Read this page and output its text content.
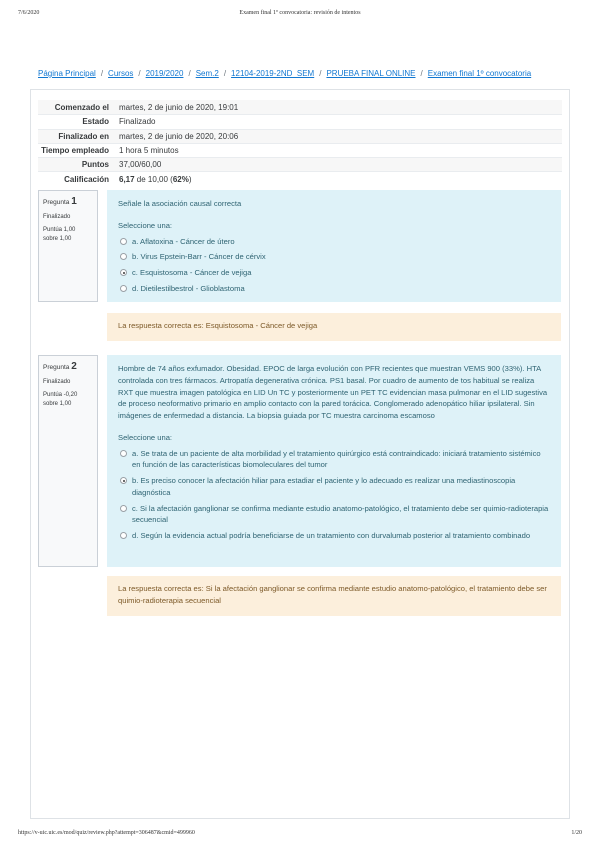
7/6/2020	Examen final 1º convocatoria: revisión de intentos
Página Principal / Cursos / 2019/2020 / Sem.2 / 12104-2019-2ND_SEM / PRUEBA FINAL ONLINE / Examen final 1º convocatoria
Comenzado el	martes, 2 de junio de 2020, 19:01
Estado	Finalizado
Finalizado en	martes, 2 de junio de 2020, 20:06
Tiempo empleado	1 hora 5 minutos
Puntos	37,00/60,00
Calificación	6,17 de 10,00 (62%)
Pregunta 1
Finalizado
Puntúa 1,00
sobre 1,00
Señale la asociación causal correcta
Seleccione una:
a. Aflatoxina - Cáncer de útero
b. Virus Epstein-Barr - Cáncer de cérvix
c. Esquistosoma - Cáncer de vejiga
d. Dietilestilbestrol - Glioblastoma
La respuesta correcta es: Esquistosoma - Cáncer de vejiga
Pregunta 2
Finalizado
Puntúa -0,20
sobre 1,00
Hombre de 74 años exfumador. Obesidad. EPOC de larga evolución con PFR recientes que muestran VEMS 900 (33%). HTA controlada con tres fármacos. Artropatía degenerativa crónica. PS1 basal. Por cuadro de aumento de tos habitual se realiza RXT que muestra imagen patológica en LID Un TC y posteriormente un PET TC evidencian masa pulmonar en el LID sugestiva de proceso neoformativo primario en amplio contacto con la pared torácica. Conglomerado adenopático hiliar ipsilateral. Sin imágenes de enfermedad a distancia. La biopsia guiada por TC muestra carcinoma escamoso
Seleccione una:
a. Se trata de un paciente de alta morbilidad y el tratamiento quirúrgico está contraindicado: iniciará tratamiento sistémico en función de las características biomoleculares del tumor
b. Es preciso conocer la afectación hiliar para estadiar el paciente y lo adecuado es realizar una mediastinoscopia diagnóstica
c. Si la afectación ganglionar se confirma mediante estudio anatomo-patológico, el tratamiento debe ser quimio-radioterapia secuencial
d. Según la evidencia actual podría beneficiarse de un tratamiento con durvalumab posterior al tratamiento combinado
La respuesta correcta es: Si la afectación ganglionar se confirma mediante estudio anatomo-patológico, el tratamiento debe ser quimio-radioterapia secuencial
https://v-uic.uic.es/mod/quiz/review.php?attempt=306487&cmid=499960	1/20
